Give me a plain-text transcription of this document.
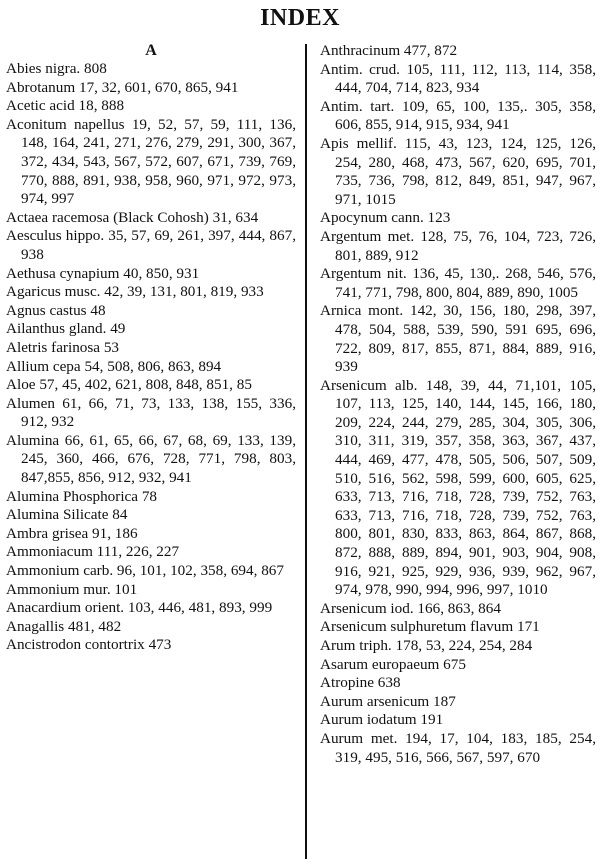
INDEX
A

Abies nigra. 808

Abrotanum 17, 32, 601, 670, 865, 941

Acetic acid 18, 888

Aconitum napellus 19, 52, 57, 59, 111, 136, 148, 164, 241, 271, 276, 279, 291, 300, 367, 372, 434, 543, 567, 572, 607, 671, 739, 769, 770, 888, 891, 938, 958, 960, 971, 972, 973, 974, 997

Actaea racemosa (Black Cohosh) 31, 634

Aesculus hippo. 35, 57, 69, 261, 397, 444, 867, 938

Aethusa cynapium 40, 850, 931

Agaricus musc. 42, 39, 131, 801, 819, 933

Agnus castus 48

Ailanthus gland. 49

Aletris farinosa 53

Allium cepa 54, 508, 806, 863, 894

Aloe 57, 45, 402, 621, 808, 848, 851, 85

Alumen 61, 66, 71, 73, 133, 138, 155, 336, 912, 932

Alumina 66, 61, 65, 66, 67, 68, 69, 133, 139, 245, 360, 466, 676, 728, 771, 798, 803, 847,855, 856, 912, 932, 941

Alumina Phosphorica 78

Alumina Silicate 84

Ambra grisea 91, 186

Ammoniacum 111, 226, 227

Ammonium carb. 96, 101, 102, 358, 694, 867

Ammonium mur. 101

Anacardium orient. 103, 446, 481, 893, 999

Anagallis 481, 482

Ancistrodon contortrix 473

Anthracinum 477, 872

Antim. crud. 105, 111, 112, 113, 114, 358, 444, 704, 714, 823, 934

Antim. tart. 109, 65, 100, 135,. 305, 358, 606, 855, 914, 915, 934, 941

Apis mellif. 115, 43, 123, 124, 125, 126, 254, 280, 468, 473, 567, 620, 695, 701, 735, 736, 798, 812, 849, 851, 947, 967, 971, 1015

Apocynum cann. 123

Argentum met. 128, 75, 76, 104, 723, 726, 801, 889, 912

Argentum nit. 136, 45, 130,. 268, 546, 576, 741, 771, 798, 800, 804, 889, 890, 1005

Arnica mont. 142, 30, 156, 180, 298, 397, 478, 504, 588, 539, 590, 591 695, 696, 722, 809, 817, 855, 871, 884, 889, 916, 939

Arsenicum alb. 148, 39, 44, 71,101, 105, 107, 113, 125, 140, 144, 145, 166, 180, 209, 224, 244, 279, 285, 304, 305, 306, 310, 311, 319, 357, 358, 363, 367, 437, 444, 469, 477, 478, 505, 506, 507, 509, 510, 516, 562, 598, 599, 600, 605, 625, 633, 713, 716, 718, 728, 739, 752, 763, 633, 713, 716, 718, 728, 739, 752, 763, 800, 801, 830, 833, 863, 864, 867, 868, 872, 888, 889, 894, 901, 903, 904, 908, 916, 921, 925, 929, 936, 939, 962, 967, 974, 978, 990, 994, 996, 997, 1010

Arsenicum iod. 166, 863, 864

Arsenicum sulphuretum flavum 171

Arum triph. 178, 53, 224, 254, 284

Asarum europaeum 675

Atropine 638

Aurum arsenicum 187

Aurum iodatum 191

Aurum met. 194, 17, 104, 183, 185, 254, 319, 495, 516, 566, 567, 597, 670
